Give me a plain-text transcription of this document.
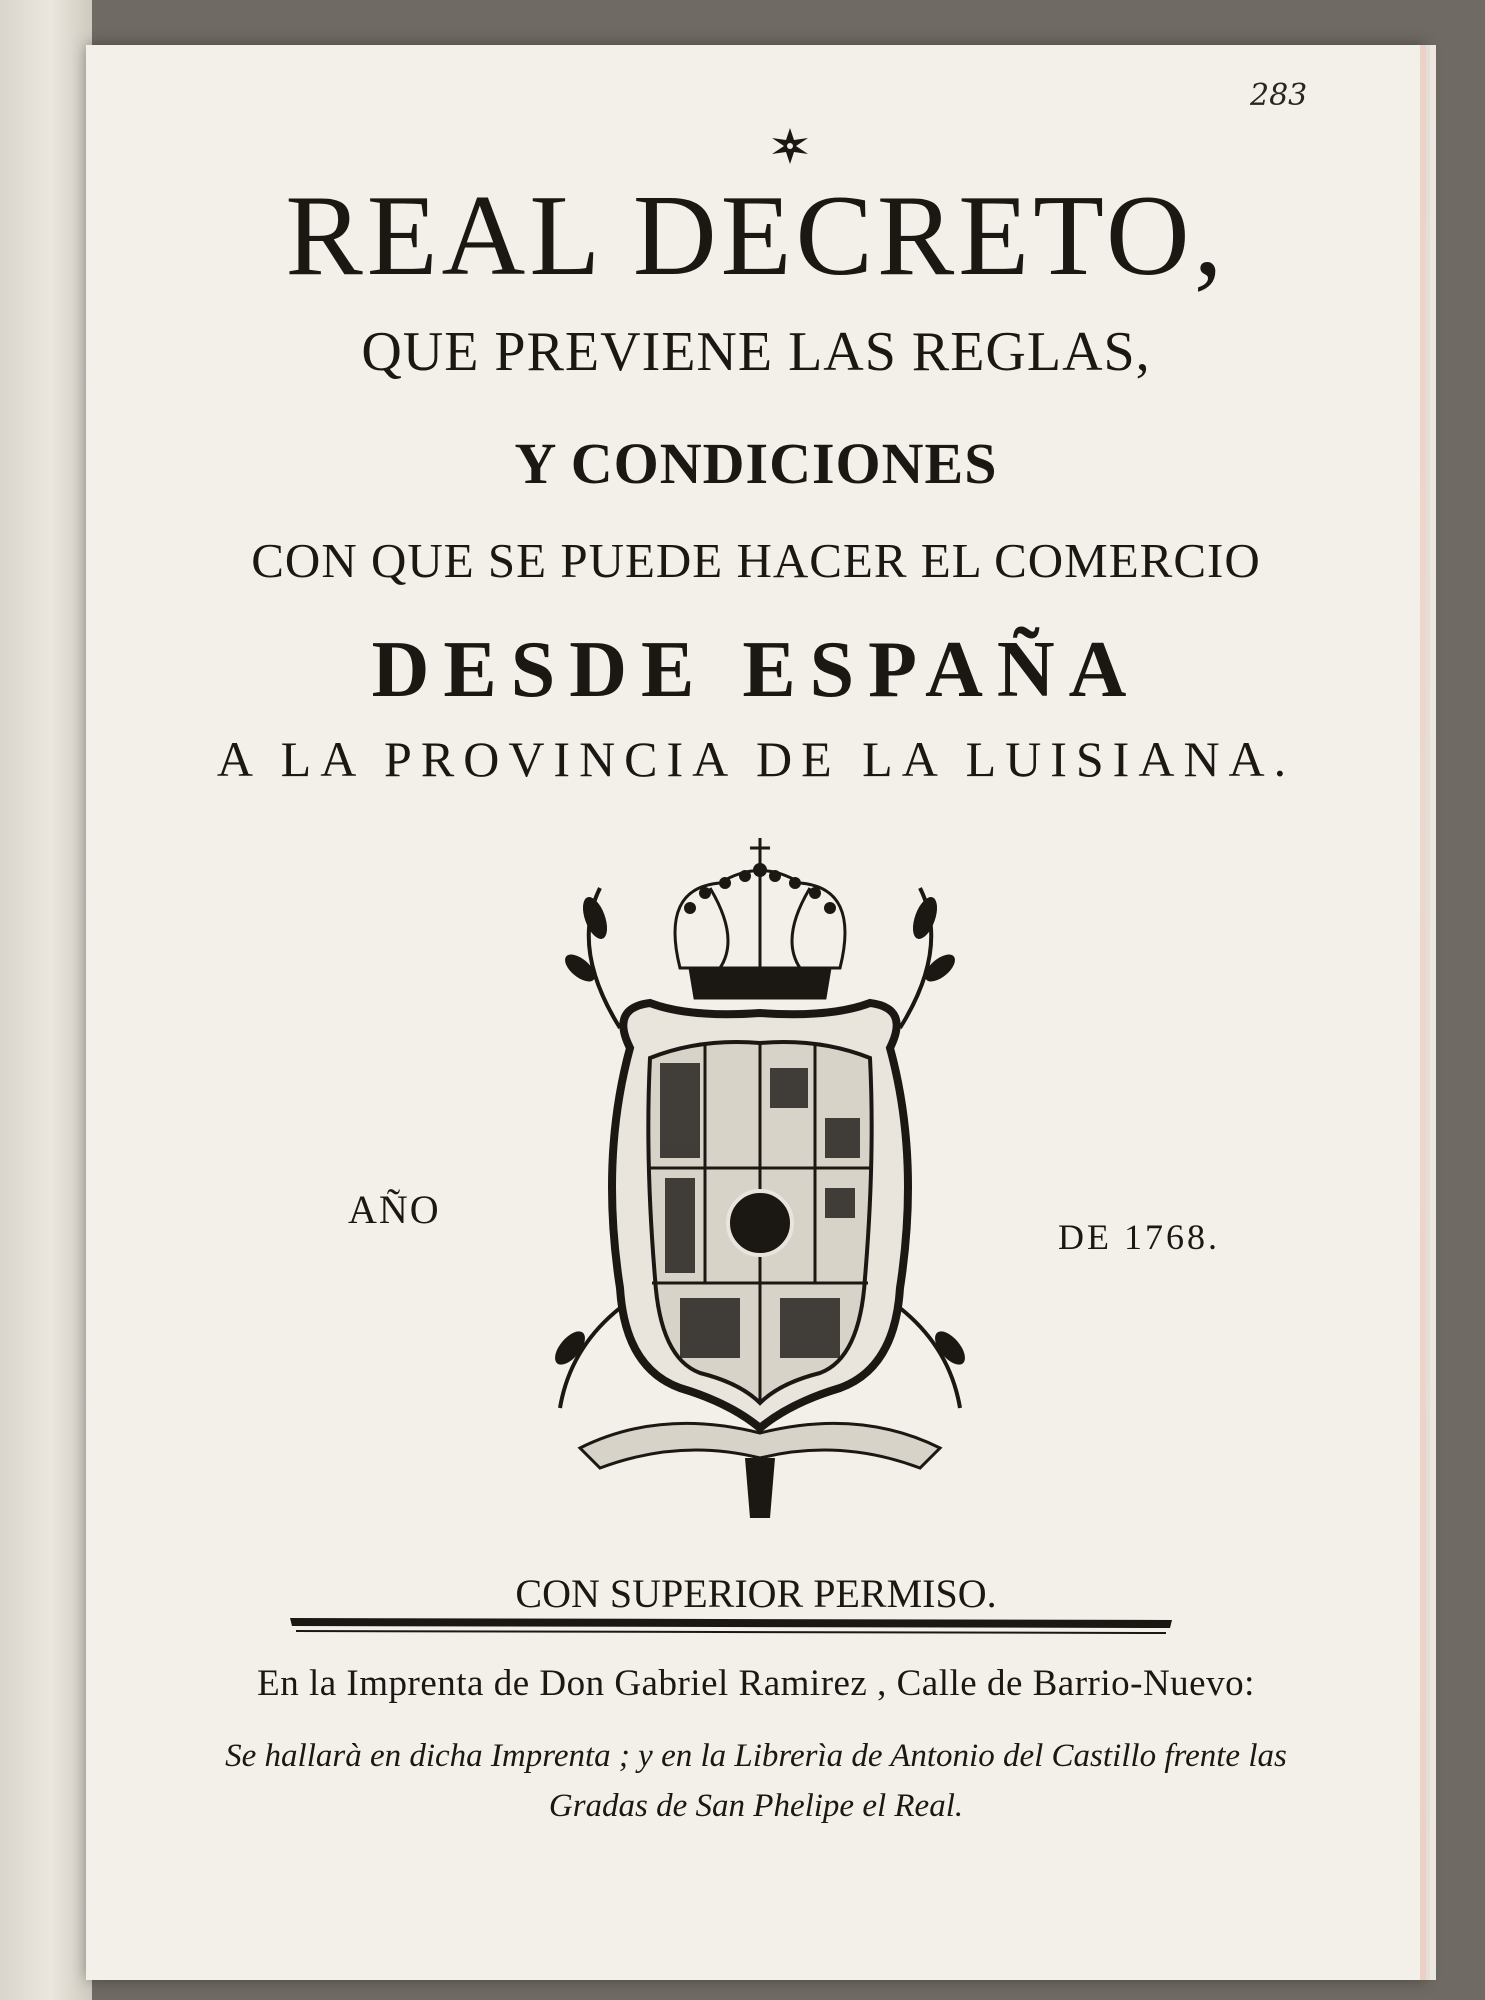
283
REAL DECRETO,
QUE PREVIENE LAS REGLAS,
Y CONDICIONES
CON QUE SE PUEDE HACER EL COMERCIO
DESDE ESPAÑA
A LA PROVINCIA DE LA LUISIANA.
AÑO
DE 1768.
CON SUPERIOR PERMISO.
En la Imprenta de Don Gabriel Ramirez , Calle de Barrio-Nuevo:
Se hallarà en dicha Imprenta ; y en la Librerìa de Antonio del Castillo frente las
Gradas de San Phelipe el Real.
